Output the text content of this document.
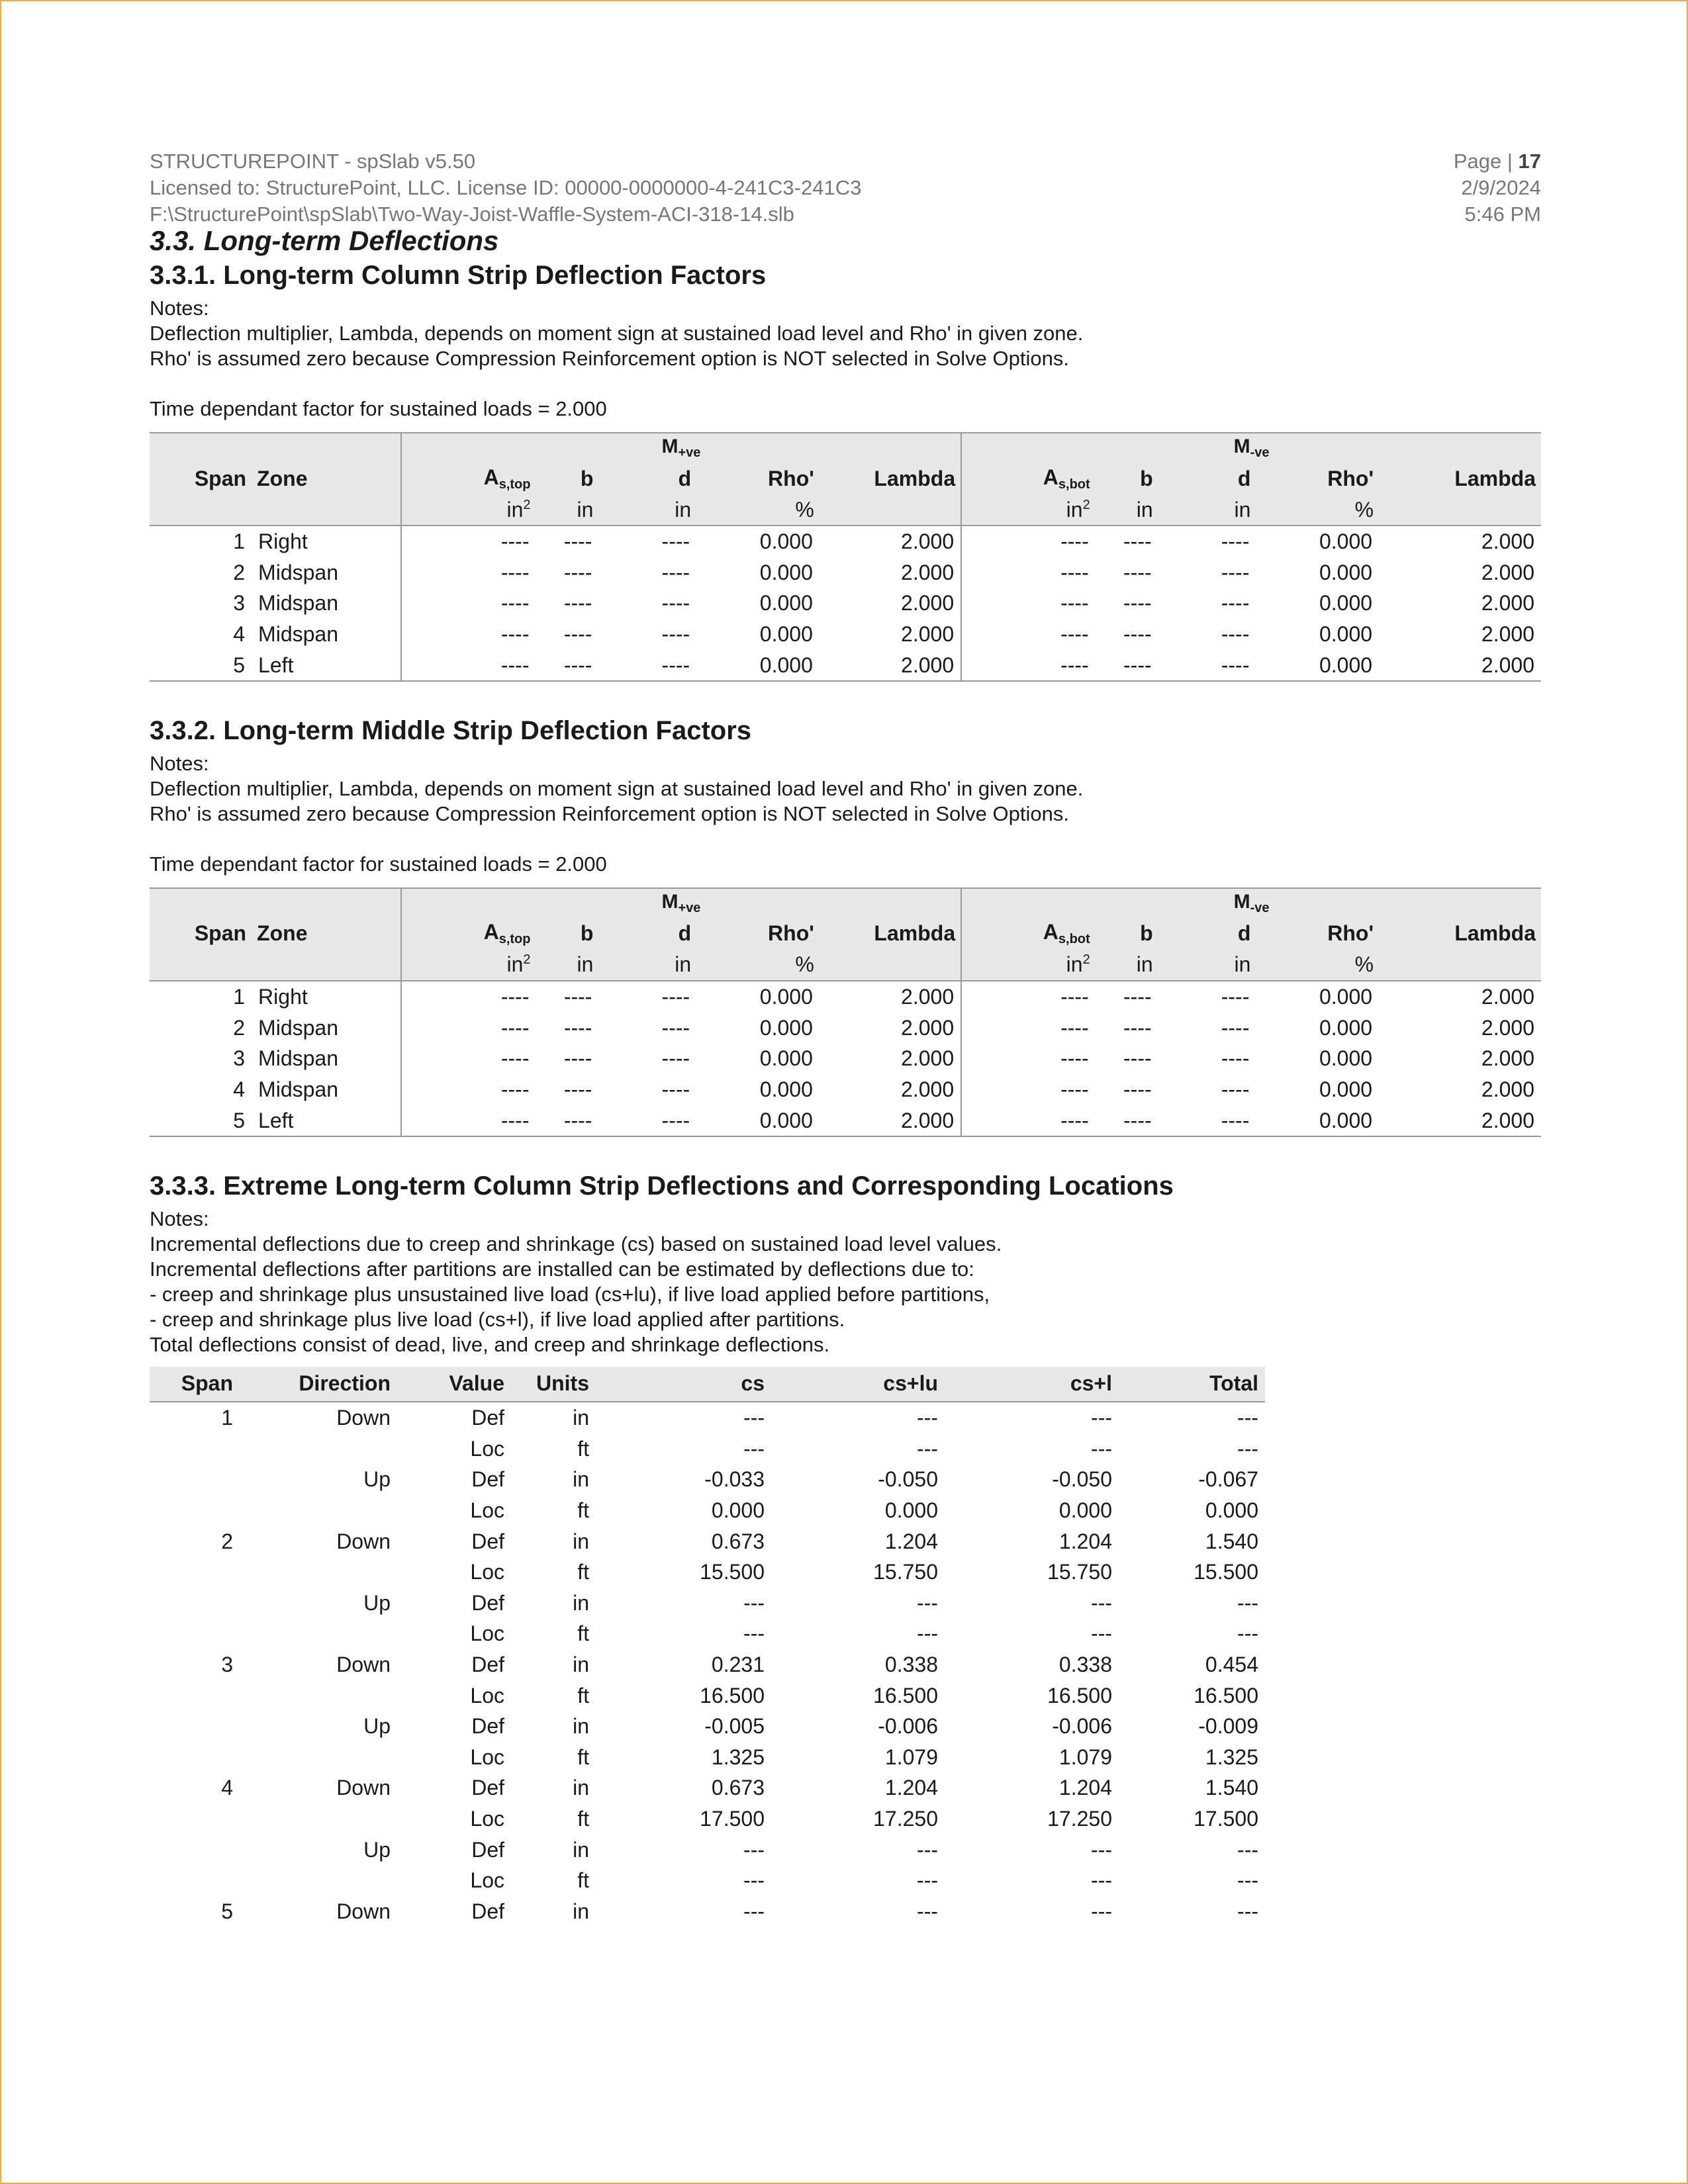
STRUCTUREPOINT - spSlab v5.50
Licensed to: StructurePoint, LLC. License ID: 00000-0000000-4-241C3-241C3
F:\StructurePoint\spSlab\Two-Way-Joist-Waffle-System-ACI-318-14.slb
Page | 17
2/9/2024
5:46 PM
3.3. Long-term Deflections
3.3.1. Long-term Column Strip Deflection Factors
Notes:
Deflection multiplier, Lambda, depends on moment sign at sustained load level and Rho' in given zone.
Rho' is assumed zero because Compression Reinforcement option is NOT selected in Solve Options.
Time dependant factor for sustained loads = 2.000
		$M_{+ve}$					$M_{-ve}$
Span	Zone	$A_{s,top}$	b	d	Rho'	Lambda	$A_{s,bot}$	b	d	Rho'	Lambda
		$in^2$	in	in	%		$in^2$	in	in	%	
1	Right	----	----	----	0.000	2.000	----	----	----	0.000	2.000
2	Midspan	----	----	----	0.000	2.000	----	----	----	0.000	2.000
3	Midspan	----	----	----	0.000	2.000	----	----	----	0.000	2.000
4	Midspan	----	----	----	0.000	2.000	----	----	----	0.000	2.000
5	Left	----	----	----	0.000	2.000	----	----	----	0.000	2.000
3.3.2. Long-term Middle Strip Deflection Factors
Notes:
Deflection multiplier, Lambda, depends on moment sign at sustained load level and Rho' in given zone.
Rho' is assumed zero because Compression Reinforcement option is NOT selected in Solve Options.
Time dependant factor for sustained loads = 2.000
		$M_{+ve}$					$M_{-ve}$
Span	Zone	$A_{s,top}$	b	d	Rho'	Lambda	$A_{s,bot}$	b	d	Rho'	Lambda
		$in^2$	in	in	%		$in^2$	in	in	%	
1	Right	----	----	----	0.000	2.000	----	----	----	0.000	2.000
2	Midspan	----	----	----	0.000	2.000	----	----	----	0.000	2.000
3	Midspan	----	----	----	0.000	2.000	----	----	----	0.000	2.000
4	Midspan	----	----	----	0.000	2.000	----	----	----	0.000	2.000
5	Left	----	----	----	0.000	2.000	----	----	----	0.000	2.000
3.3.3. Extreme Long-term Column Strip Deflections and Corresponding Locations
Notes:
Incremental deflections due to creep and shrinkage (cs) based on sustained load level values.
Incremental deflections after partitions are installed can be estimated by deflections due to:
- creep and shrinkage plus unsustained live load (cs+lu), if live load applied before partitions,
- creep and shrinkage plus live load (cs+l), if live load applied after partitions.
Total deflections consist of dead, live, and creep and shrinkage deflections.
Span	Direction	Value	Units	cs	cs+lu	cs+l	Total
1	Down	Def	in	---	---	---	---
		Loc	ft	---	---	---	---
	Up	Def	in	-0.033	-0.050	-0.050	-0.067
		Loc	ft	0.000	0.000	0.000	0.000
2	Down	Def	in	0.673	1.204	1.204	1.540
		Loc	ft	15.500	15.750	15.750	15.500
	Up	Def	in	---	---	---	---
		Loc	ft	---	---	---	---
3	Down	Def	in	0.231	0.338	0.338	0.454
		Loc	ft	16.500	16.500	16.500	16.500
	Up	Def	in	-0.005	-0.006	-0.006	-0.009
		Loc	ft	1.325	1.079	1.079	1.325
4	Down	Def	in	0.673	1.204	1.204	1.540
		Loc	ft	17.500	17.250	17.250	17.500
	Up	Def	in	---	---	---	---
		Loc	ft	---	---	---	---
5	Down	Def	in	---	---	---	---
